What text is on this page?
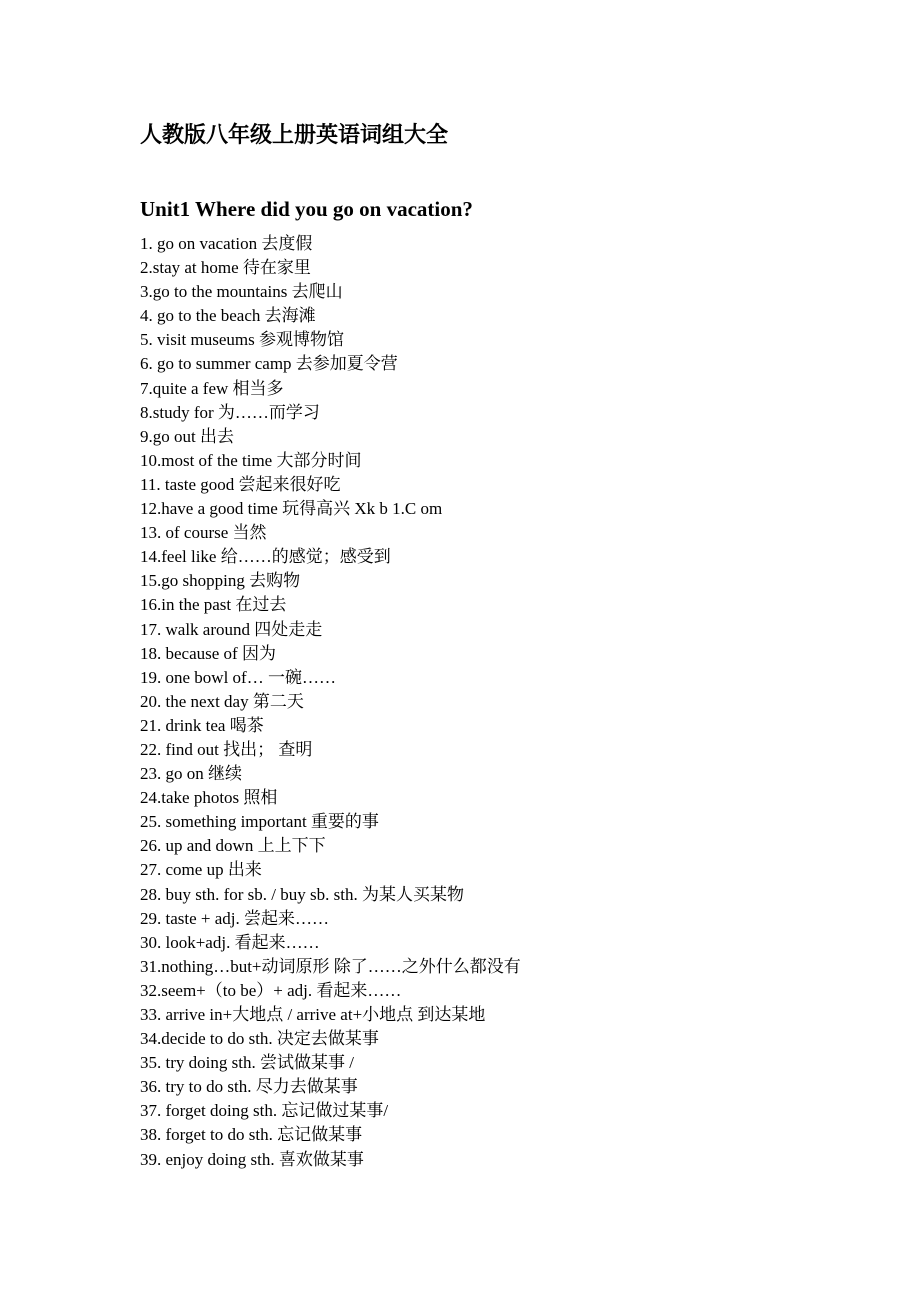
人教版八年级上册英语词组大全
Unit1 Where did you go on vacation?
1. go on vacation 去度假
2.stay at home 待在家里
3.go to the mountains 去爬山
4. go to the beach 去海滩
5. visit museums 参观博物馆
6. go to summer camp 去参加夏令营
7.quite a few 相当多
8.study for 为……而学习
9.go out 出去
10.most of the time 大部分时间
11. taste good 尝起来很好吃
12.have a good time 玩得高兴 Xk b 1.C om
13. of course 当然
14.feel like 给……的感觉；感受到
15.go shopping 去购物
16.in the past 在过去
17. walk around 四处走走
18. because of 因为
19. one bowl of… 一碗……
20. the next day 第二天
21. drink tea 喝茶
22. find out 找出； 查明
23. go on 继续
24.take photos 照相
25. something important 重要的事
26. up and down 上上下下
27. come up 出来
28. buy sth. for sb. / buy sb. sth. 为某人买某物
29. taste + adj. 尝起来……
30. look+adj. 看起来……
31.nothing…but+动词原形 除了……之外什么都没有
32.seem+（to be）+ adj. 看起来……
33. arrive in+大地点 / arrive at+小地点 到达某地
34.decide to do sth. 决定去做某事
35. try doing sth. 尝试做某事 /
36. try to do sth. 尽力去做某事
37. forget doing sth. 忘记做过某事/
38. forget to do sth. 忘记做某事
39. enjoy doing sth. 喜欢做某事
